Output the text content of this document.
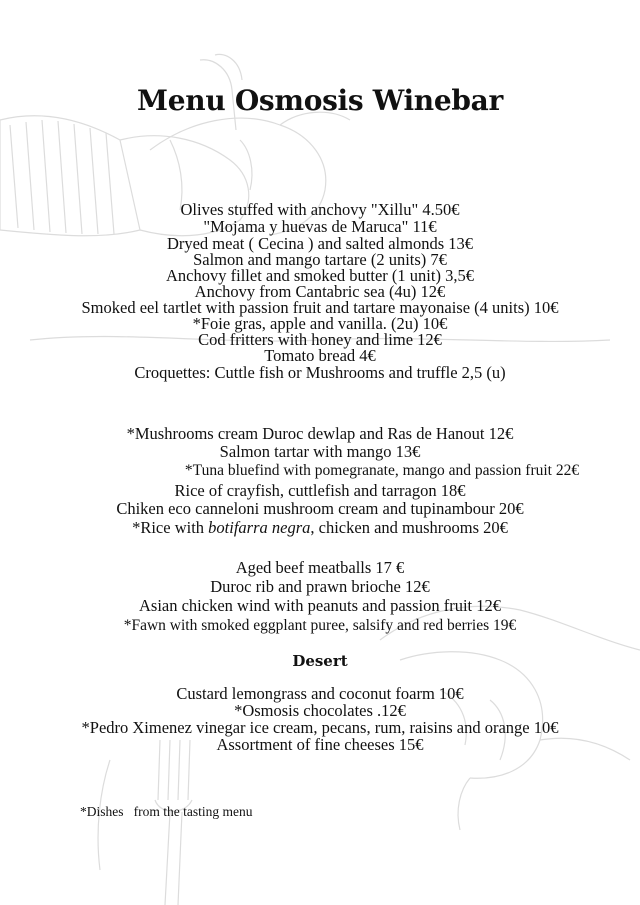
Menu Osmosis Winebar
Olives stuffed with anchovy "Xillu" 4.50€
"Mojama y huevas de Maruca" 11€
Dryed meat ( Cecina ) and salted almonds 13€
Salmon and mango tartare (2 units) 7€
Anchovy fillet and smoked butter (1 unit) 3,5€
Anchovy from Cantabric sea (4u) 12€
Smoked eel tartlet with passion fruit and tartare mayonaise (4 units) 10€
*Foie gras, apple and vanilla. (2u) 10€
Cod fritters with honey and lime 12€
Tomato bread 4€
Croquettes: Cuttle fish or Mushrooms and truffle 2,5 (u)
*Mushrooms cream Duroc dewlap and Ras de Hanout 12€
Salmon tartar with mango 13€
*Tuna bluefind with pomegranate, mango and passion fruit 22€
Rice of crayfish, cuttlefish and tarragon 18€
Chiken eco canneloni mushroom cream and tupinambour 20€
*Rice with botifarra negra, chicken and mushrooms 20€
Aged beef meatballs 17 €
Duroc rib and prawn brioche 12€
Asian chicken wind with peanuts and passion fruit 12€
*Fawn with smoked eggplant puree, salsify and red berries 19€
Desert
Custard lemongrass and coconut foarm 10€
*Osmosis chocolates .12€
*Pedro Ximenez vinegar ice cream, pecans, rum, raisins and orange 10€
Assortment of fine cheeses 15€
*Dishes   from the tasting menu
